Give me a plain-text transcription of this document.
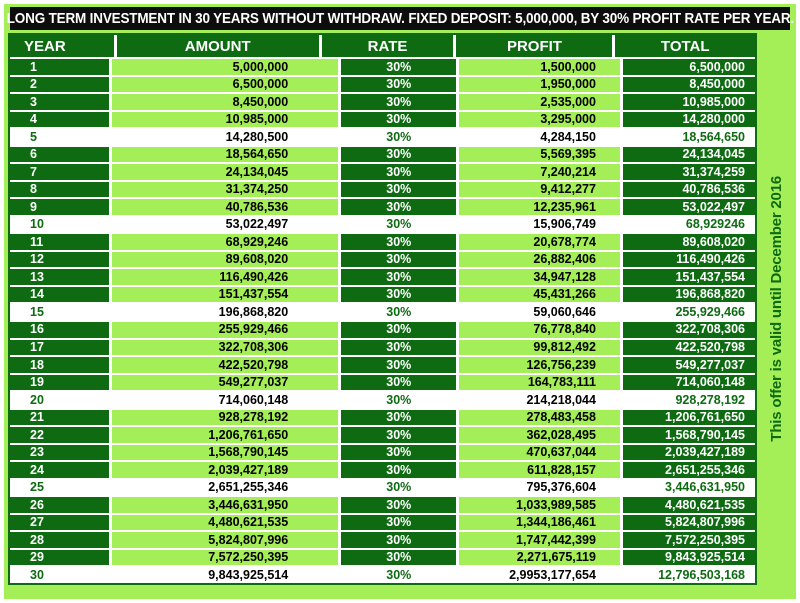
LONG TERM INVESTMENT IN 30 YEARS WITHOUT WITHDRAW. FIXED DEPOSIT: 5,000,000, BY 30% PROFIT RATE PER YEAR.
YEAR	AMOUNT	RATE	PROFIT	TOTAL
1	5,000,000	30%	1,500,000	6,500,000
2	6,500,000	30%	1,950,000	8,450,000
3	8,450,000	30%	2,535,000	10,985,000
4	10,985,000	30%	3,295,000	14,280,000
5	14,280,500	30%	4,284,150	18,564,650
6	18,564,650	30%	5,569,395	24,134,045
7	24,134,045	30%	7,240,214	31,374,259
8	31,374,250	30%	9,412,277	40,786,536
9	40,786,536	30%	12,235,961	53,022,497
10	53,022,497	30%	15,906,749	68,929246
11	68,929,246	30%	20,678,774	89,608,020
12	89,608,020	30%	26,882,406	116,490,426
13	116,490,426	30%	34,947,128	151,437,554
14	151,437,554	30%	45,431,266	196,868,820
15	196,868,820	30%	59,060,646	255,929,466
16	255,929,466	30%	76,778,840	322,708,306
17	322,708,306	30%	99,812,492	422,520,798
18	422,520,798	30%	126,756,239	549,277,037
19	549,277,037	30%	164,783,111	714,060,148
20	714,060,148	30%	214,218,044	928,278,192
21	928,278,192	30%	278,483,458	1,206,761,650
22	1,206,761,650	30%	362,028,495	1,568,790,145
23	1,568,790,145	30%	470,637,044	2,039,427,189
24	2,039,427,189	30%	611,828,157	2,651,255,346
25	2,651,255,346	30%	795,376,604	3,446,631,950
26	3,446,631,950	30%	1,033,989,585	4,480,621,535
27	4,480,621,535	30%	1,344,186,461	5,824,807,996
28	5,824,807,996	30%	1,747,442,399	7,572,250,395
29	7,572,250,395	30%	2,271,675,119	9,843,925,514
30	9,843,925,514	30%	2,9953,177,654	12,796,503,168
This offer is valid until December 2016
